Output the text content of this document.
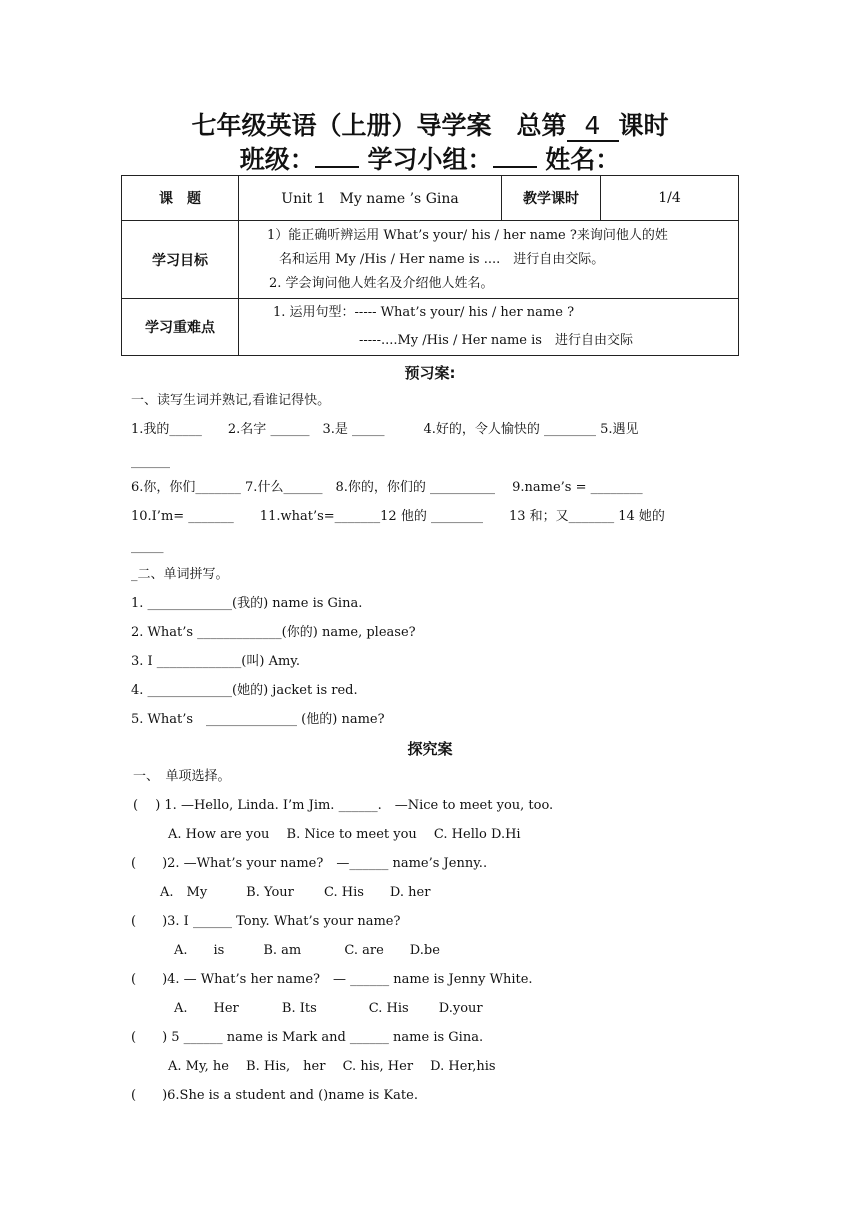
七年级英语（上册）导学案　总第 4 课时
班级： 学习小组： 姓名：
课　题	Unit 1　My name ’s Gina	教学课时	1/4
学习目标	1）能正确听辨运用 What’s your/ his / her name ?来询问他人的姓
名和运用 My /His / Her name is ....　进行自由交际。
2. 学会询问他人姓名及介绍他人姓名。		

学习重难点	1. 运用句型：----- What’s your/ his / her name ?
-----....My /His / Her name is　进行自由交际		
预习案:
一、读写生词并熟记,看谁记得快。
1.我的_____　　2.名字 ______　3.是 _____　　　4.好的，令人愉快的 ________ 5.遇见
______
6.你，你们_______ 7.什么______　8.你的，你们的 __________　 9.name’s = ________
10.I’m= _______　　11.what’s=_______12 他的 ________　　13 和；又_______ 14 她的
_____
_二、单词拼写。
1. _____________(我的) name is Gina.
2. What’s _____________(你的) name, please?
3. I _____________(叫) Amy.
4. _____________(她的) jacket is red.
5. What’s　______________ (他的) name?
探究案
一、　单项选择。
(　 ) 1. —Hello, Linda. I’m Jim. ______.　—Nice to meet you, too.
A. How are you　 B. Nice to meet you　 C. Hello D.Hi
(　　)2. —What’s your name?　—______ name’s Jenny..
A.　My　　　B. Your　　 C. His　　D. her
(　　)3. I ______ Tony. What’s your name?
A.　　is　　　B. am　　　 C. are　　D.be
(　　)4. — What’s her name?　— ______ name is Jenny White.
A.　　Her　　　 B. Its　　　　C. His　　 D.your
(　　) 5 ______ name is Mark and ______ name is Gina.
A. My, he　 B. His,　her　 C. his, Her　 D. Her,his
(　　)6.She is a student and ()name is Kate.
